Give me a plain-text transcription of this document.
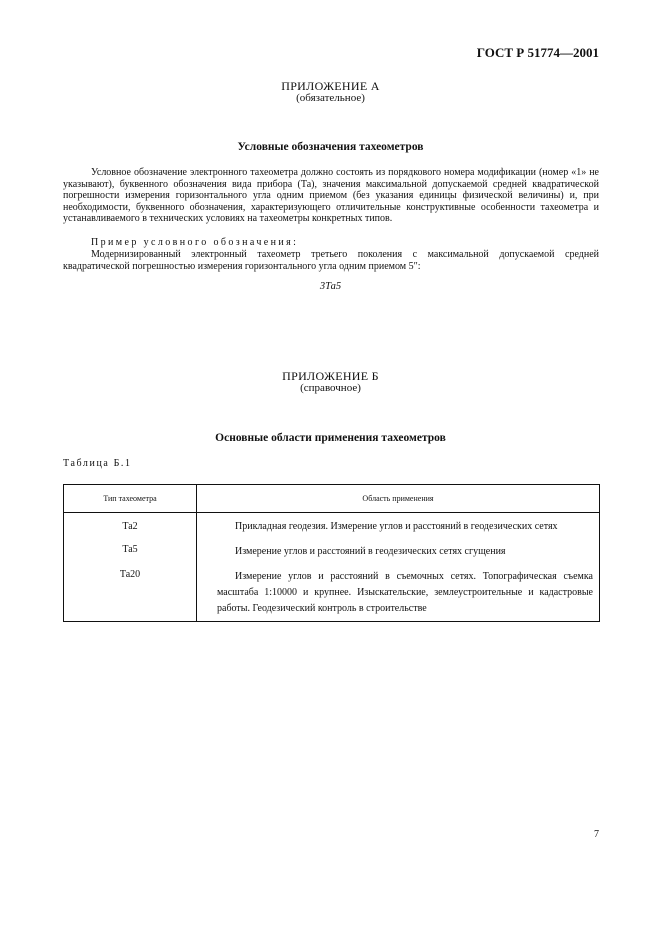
ГОСТ Р 51774—2001
ПРИЛОЖЕНИЕ А
(обязательное)
Условные обозначения тахеометров
Условное обозначение электронного тахеометра должно состоять из порядкового номера модификации (номер «1» не указывают), буквенного обозначения вида прибора (Та), значения максимальной допускаемой средней квадратической погрешности измерения горизонтального угла одним приемом (без указания единицы физической величины) и, при необходимости, буквенного обозначения, характеризующего отличительные конструктивные особенности тахеометра и устанавливаемого в технических условиях на тахеометры конкретных типов.
Пример условного обозначения:
Модернизированный электронный тахеометр третьего поколения с максимальной допускаемой средней квадратической погрешностью измерения горизонтального угла одним приемом 5″:
3Та5
ПРИЛОЖЕНИЕ Б
(справочное)
Основные области применения тахеометров
Таблица Б.1
Тип тахеометра	Область применения
Та2	Прикладная геодезия. Измерение углов и расстояний в геодезических сетях

Та5	Измерение углов и расстояний в геодезических сетях сгущения

Та20	Измерение углов и расстояний в съемочных сетях. Топографическая съемка масштаба 1:10000 и крупнее. Изыскательские, землеустроительные и кадастровые работы. Геодезический контроль в строительстве
7
